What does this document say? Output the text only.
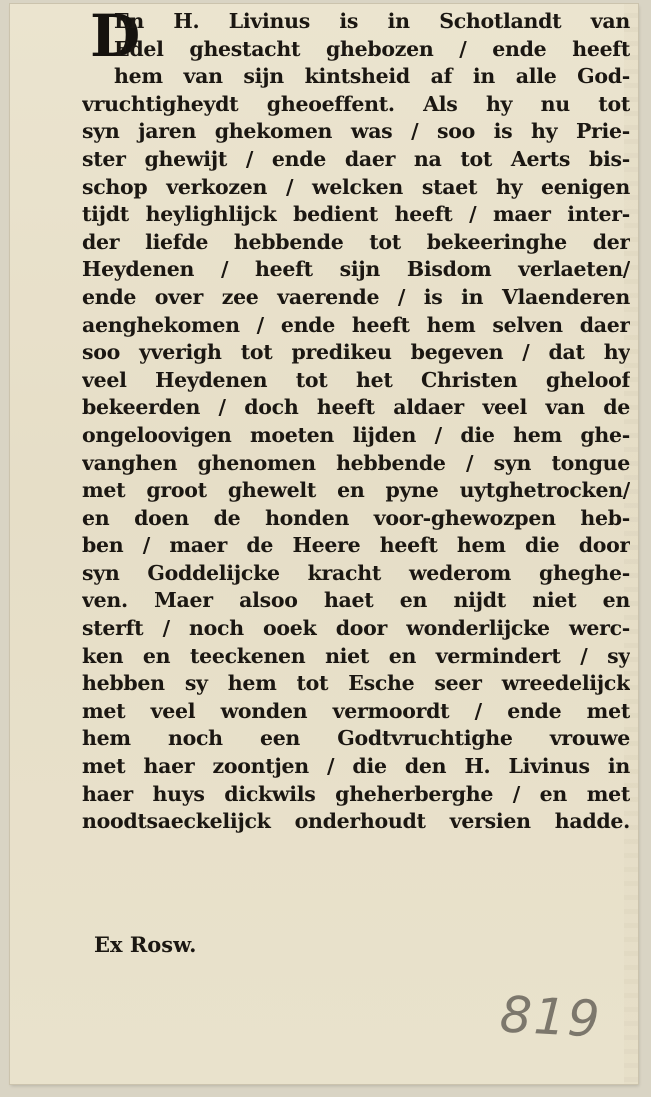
D
En H. Livinus is in Schotlandt van
Edel ghestacht ghebozen / ende heeft
hem van sijn kintsheid af in alle God-
vruchtigheydt gheoeffent. Als hy nu tot
syn jaren ghekomen was / soo is hy Prie-
ster ghewijt / ende daer na tot Aerts bis-
schop verkozen / welcken staet hy eenigen
tijdt heylighlijck bedient heeft / maer inter-
der liefde hebbende tot bekeeringhe der
Heydenen / heeft sijn Bisdom verlaeten/
ende over zee vaerende / is in Vlaenderen
aenghekomen / ende heeft hem selven daer
soo yverigh tot predikeu begeven / dat hy
veel Heydenen tot het Christen gheloof
bekeerden / doch heeft aldaer veel van de
ongeloovigen moeten lijden / die hem ghe-
vanghen ghenomen hebbende / syn tongue
met groot ghewelt en pyne uytghetrocken/
en doen de honden voor-ghewozpen heb-
ben / maer de Heere heeft hem die door
syn Goddelijcke kracht wederom gheghe-
ven. Maer alsoo haet en nijdt niet en
sterft / noch ooek door wonderlijcke werc-
ken en teeckenen niet en vermindert / sy
hebben sy hem tot Esche seer wreedelijck
met veel wonden vermoordt / ende met
hem noch een Godtvruchtighe vrouwe
met haer zoontjen / die den H. Livinus in
haer huys dickwils gheherberghe / en met
noodtsaeckelijck onderhoudt versien hadde.
Ex Rosw.
819
